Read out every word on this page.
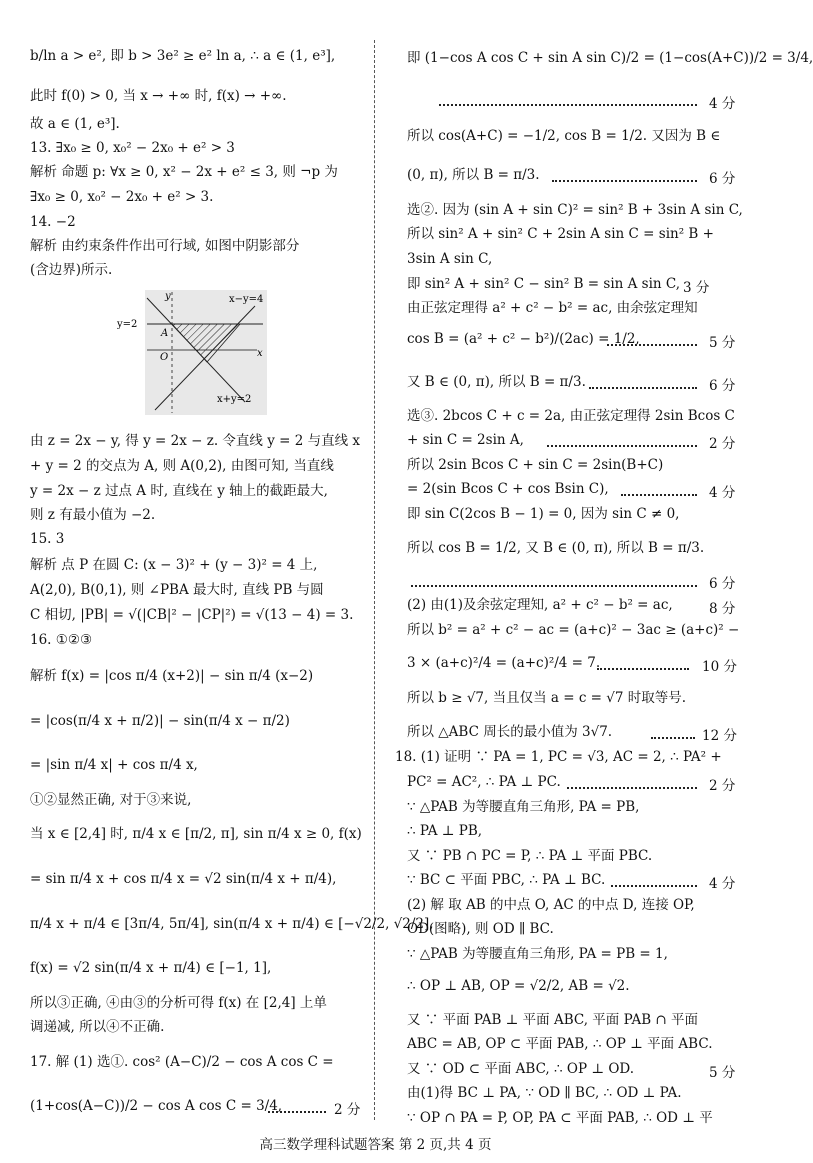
b/ln a > e², 即 b > 3e² ≥ e² ln a, ∴ a ∈ (1, e³],
此时 f(0) > 0, 当 x → +∞ 时, f(x) → +∞.
故 a ∈ (1, e³].
13. ∃x₀ ≥ 0, x₀² − 2x₀ + e² > 3
解析 命题 p: ∀x ≥ 0, x² − 2x + e² ≤ 3, 则 ¬p 为
∃x₀ ≥ 0, x₀² − 2x₀ + e² > 3.
14. −2
解析 由约束条件作出可行域, 如图中阴影部分
(含边界)所示.
由 z = 2x − y, 得 y = 2x − z. 令直线 y = 2 与直线 x
+ y = 2 的交点为 A, 则 A(0,2), 由图可知, 当直线
y = 2x − z 过点 A 时, 直线在 y 轴上的截距最大,
则 z 有最小值为 −2.
15. 3
解析 点 P 在圆 C: (x − 3)² + (y − 3)² = 4 上,
A(2,0), B(0,1), 则 ∠PBA 最大时, 直线 PB 与圆
C 相切, |PB| = √(|CB|² − |CP|²) = √(13 − 4) = 3.
16. ①②③
解析 f(x) = |cos π/4 (x+2)| − sin π/4 (x−2)
= |cos(π/4 x + π/2)| − sin(π/4 x − π/2)
= |sin π/4 x| + cos π/4 x,
①②显然正确, 对于③来说,
当 x ∈ [2,4] 时, π/4 x ∈ [π/2, π], sin π/4 x ≥ 0, f(x)
= sin π/4 x + cos π/4 x = √2 sin(π/4 x + π/4),
π/4 x + π/4 ∈ [3π/4, 5π/4], sin(π/4 x + π/4) ∈ [−√2/2, √2/2],
f(x) = √2 sin(π/4 x + π/4) ∈ [−1, 1],
所以③正确, ④由③的分析可得 f(x) 在 [2,4] 上单
调递减, 所以④不正确.
17. 解 (1) 选①. cos² (A−C)/2 − cos A cos C =
(1+cos(A−C))/2 − cos A cos C = 3/4,	2 分
x−y=4
y=2
A
O	x
y
x+y=2
即 (1−cos A cos C + sin A sin C)/2 = (1−cos(A+C))/2 = 3/4,
4 分
所以 cos(A+C) = −1/2, cos B = 1/2. 又因为 B ∈
(0, π), 所以 B = π/3.	6 分
选②. 因为 (sin A + sin C)² = sin² B + 3sin A sin C,
所以 sin² A + sin² C + 2sin A sin C = sin² B +
3sin A sin C,
即 sin² A + sin² C − sin² B = sin A sin C, 3 分
由正弦定理得 a² + c² − b² = ac, 由余弦定理知
cos B = (a² + c² − b²)/(2ac) = 1/2,	5 分
又 B ∈ (0, π), 所以 B = π/3.	6 分
选③. 2bcos C + c = 2a, 由正弦定理得 2sin Bcos C
+ sin C = 2sin A,	2 分
所以 2sin Bcos C + sin C = 2sin(B+C)
= 2(sin Bcos C + cos Bsin C),	4 分
即 sin C(2cos B − 1) = 0, 因为 sin C ≠ 0,
所以 cos B = 1/2, 又 B ∈ (0, π), 所以 B = π/3.
6 分
(2) 由(1)及余弦定理知, a² + c² − b² = ac,	8 分
所以 b² = a² + c² − ac = (a+c)² − 3ac ≥ (a+c)² −
3 × (a+c)²/4 = (a+c)²/4 = 7.	10 分
所以 b ≥ √7, 当且仅当 a = c = √7 时取等号.
所以 △ABC 周长的最小值为 3√7.	12 分
18. (1) 证明 ∵ PA = 1, PC = √3, AC = 2, ∴ PA² +
PC² = AC², ∴ PA ⊥ PC.	2 分
∵ △PAB 为等腰直角三角形, PA = PB,
∴ PA ⊥ PB,
又 ∵ PB ∩ PC = P, ∴ PA ⊥ 平面 PBC.
∵ BC ⊂ 平面 PBC, ∴ PA ⊥ BC.	4 分
(2) 解 取 AB 的中点 O, AC 的中点 D, 连接 OP,
OD(图略), 则 OD ∥ BC.
∵ △PAB 为等腰直角三角形, PA = PB = 1,
∴ OP ⊥ AB, OP = √2/2, AB = √2.
又 ∵ 平面 PAB ⊥ 平面 ABC, 平面 PAB ∩ 平面
ABC = AB, OP ⊂ 平面 PAB, ∴ OP ⊥ 平面 ABC.
又 ∵ OD ⊂ 平面 ABC, ∴ OP ⊥ OD.	5 分
由(1)得 BC ⊥ PA, ∵ OD ∥ BC, ∴ OD ⊥ PA.
∵ OP ∩ PA = P, OP, PA ⊂ 平面 PAB, ∴ OD ⊥ 平
高三数学理科试题答案 第 2 页,共 4 页
